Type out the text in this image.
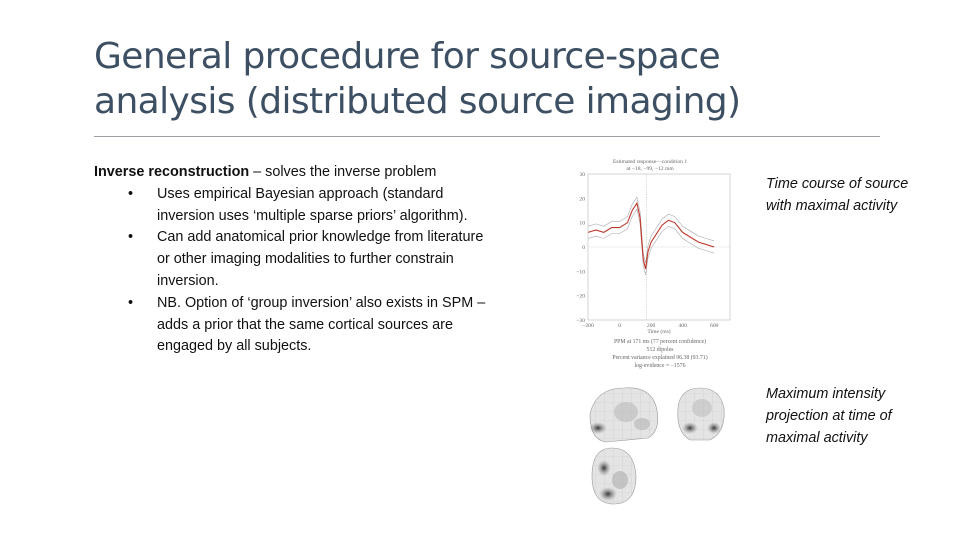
General procedure for source-space
analysis (distributed source imaging)

Inverse reconstruction – solves the inverse problem

• Uses empirical Bayesian approach (standard inversion uses ‘multiple sparse priors’ algorithm).
• Can add anatomical prior knowledge from literature or other imaging modalities to further constrain inversion.
• NB. Option of ‘group inversion’ also exists in SPM – adds a prior that the same cortical sources are engaged by all subjects.
Estimated response—condition 1
at −18, −99, −12 mm
30
20
10
0
−10
−20
−30
−200	0	200	400	600
Time (ms)
PPM at 171 ms (77 percent confidence)
512 dipoles
Percent variance explained 96.38 (93.71)
log-evidence = −1576
Time course of source with maximal activity
Maximum intensity projection at time of maximal activity
